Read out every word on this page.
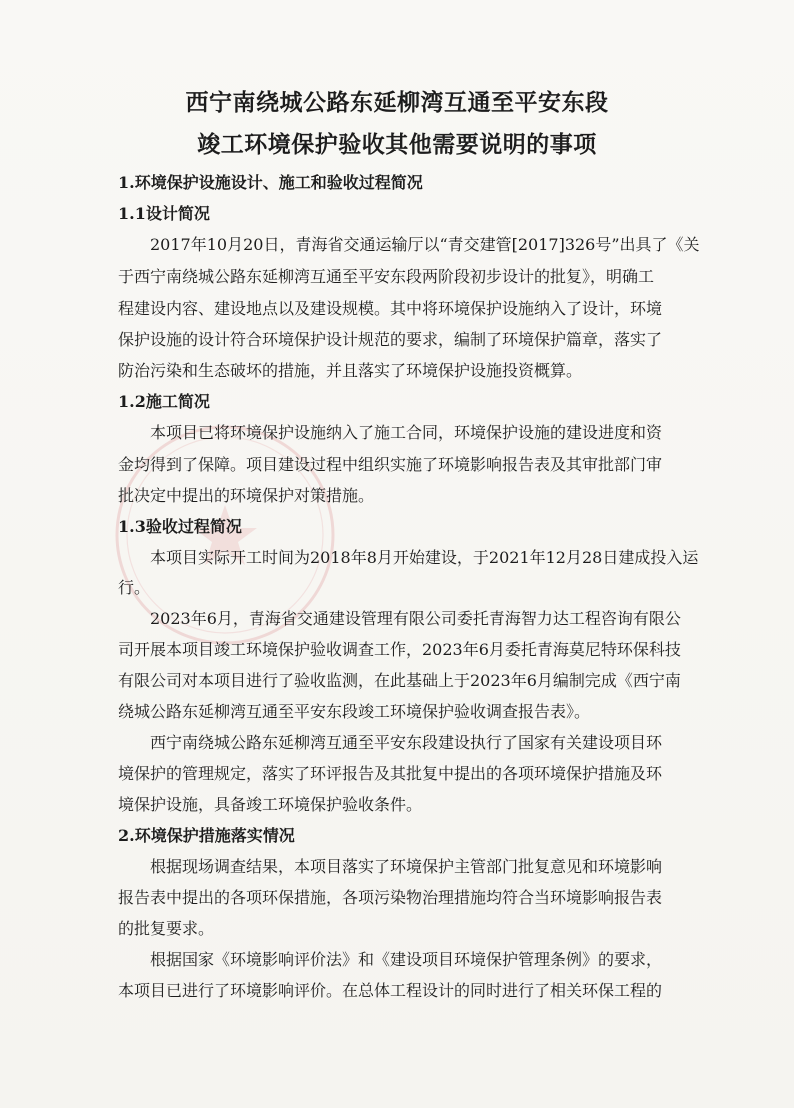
西宁南绕城公路东延柳湾互通至平安东段
竣工环境保护验收其他需要说明的事项
1.环境保护设施设计、施工和验收过程简况
1.1设计简况
2017年10月20日，青海省交通运输厅以“青交建管[2017]326号”出具了《关
于西宁南绕城公路东延柳湾互通至平安东段两阶段初步设计的批复》，明确工
程建设内容、建设地点以及建设规模。其中将环境保护设施纳入了设计，环境
保护设施的设计符合环境保护设计规范的要求，编制了环境保护篇章，落实了
防治污染和生态破坏的措施，并且落实了环境保护设施投资概算。
1.2施工简况
本项目已将环境保护设施纳入了施工合同，环境保护设施的建设进度和资
金均得到了保障。项目建设过程中组织实施了环境影响报告表及其审批部门审
批决定中提出的环境保护对策措施。
1.3验收过程简况
本项目实际开工时间为2018年8月开始建设，于2021年12月28日建成投入运
行。
2023年6月，青海省交通建设管理有限公司委托青海智力达工程咨询有限公
司开展本项目竣工环境保护验收调查工作，2023年6月委托青海莫尼特环保科技
有限公司对本项目进行了验收监测，在此基础上于2023年6月编制完成《西宁南
绕城公路东延柳湾互通至平安东段竣工环境保护验收调查报告表》。
西宁南绕城公路东延柳湾互通至平安东段建设执行了国家有关建设项目环
境保护的管理规定，落实了环评报告及其批复中提出的各项环境保护措施及环
境保护设施，具备竣工环境保护验收条件。
2.环境保护措施落实情况
根据现场调查结果，本项目落实了环境保护主管部门批复意见和环境影响
报告表中提出的各项环保措施，各项污染物治理措施均符合当环境影响报告表
的批复要求。
根据国家《环境影响评价法》和《建设项目环境保护管理条例》的要求，
本项目已进行了环境影响评价。在总体工程设计的同时进行了相关环保工程的
